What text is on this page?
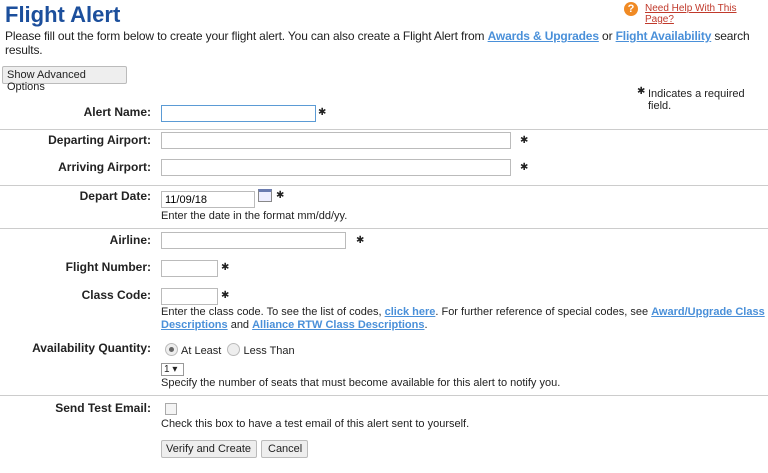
Flight Alert	?	Need Help With This Page?
Please fill out the form below to create your flight alert. You can also create a Flight Alert from Awards & Upgrades or Flight Availability search
results.
Show Advanced Options	✱ Indicates a required field.
Alert Name:	✱
Departing Airport:	✱
Arriving Airport:	✱
Depart Date:
11/09/18	✱
Enter the date in the format mm/dd/yy.
Airline:	✱
Flight Number:	✱
Class Code:	✱
Enter the class code. To see the list of codes, click here. For further reference of special codes, see Award/Upgrade Class
Descriptions and Alliance RTW Class Descriptions.
Availability Quantity:	At Least Less Than
1 ▾
Specify the number of seats that must become available for this alert to notify you.
Send Test Email:
Check this box to have a test email of this alert sent to yourself.
Verify and Create	Cancel
